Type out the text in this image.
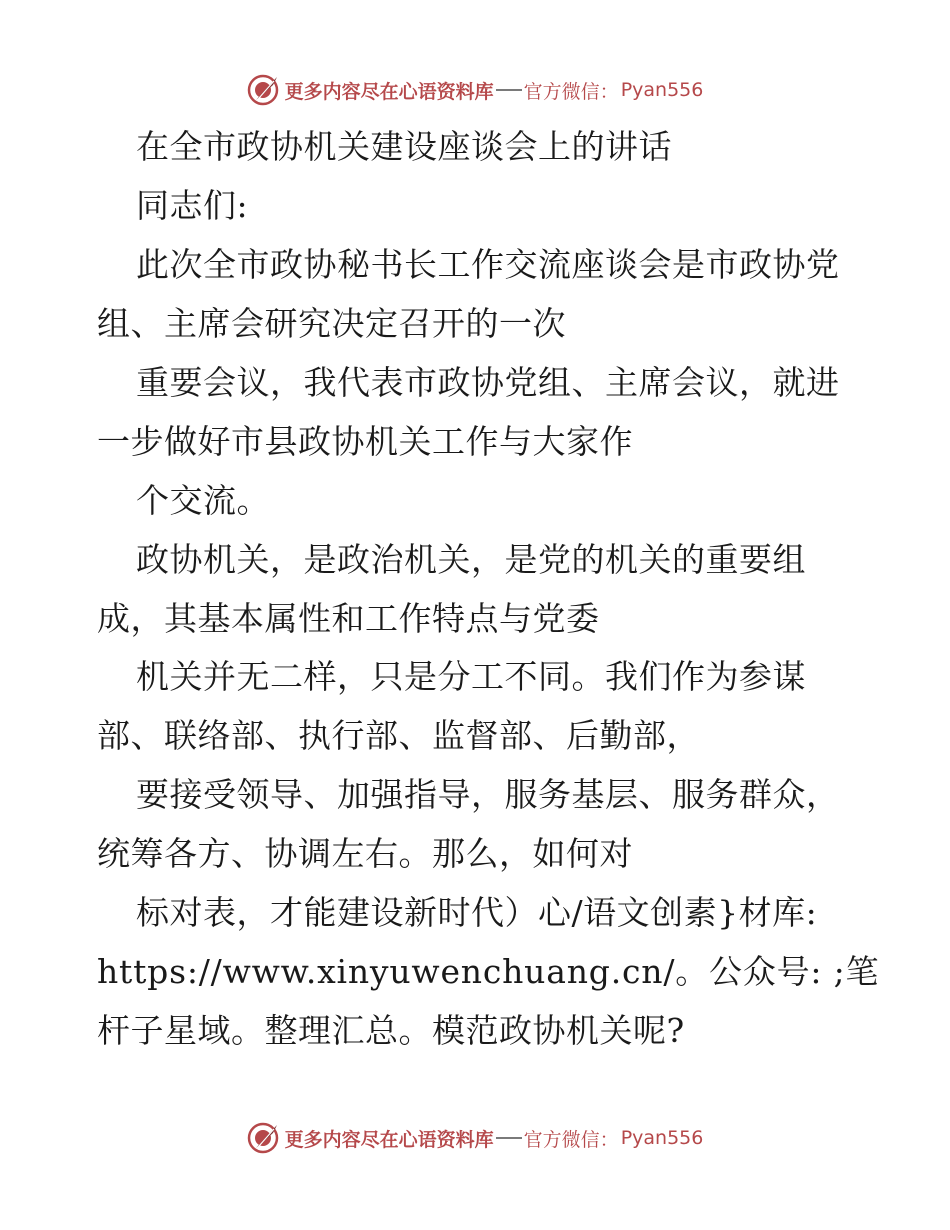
更多内容尽在心语资料库 官方微信： Pyan556
在全市政协机关建设座谈会上的讲话
同志们:
此次全市政协秘书长工作交流座谈会是市政协党
组、主席会研究决定召开的一次
重要会议，我代表市政协党组、主席会议，就进
一步做好市县政协机关工作与大家作
个交流。
政协机关，是政治机关，是党的机关的重要组
成，其基本属性和工作特点与党委
机关并无二样，只是分工不同。我们作为参谋
部、联络部、执行部、监督部、后勤部，
要接受领导、加强指导，服务基层、服务群众，
统筹各方、协调左右。那么，如何对
标对表，才能建设新时代）心/语文创素}材库:
https://www.xinyuwenchuang.cn/。公众号: ;笔
杆子星域。整理汇总。模范政协机关呢?
更多内容尽在心语资料库 官方微信： Pyan556
